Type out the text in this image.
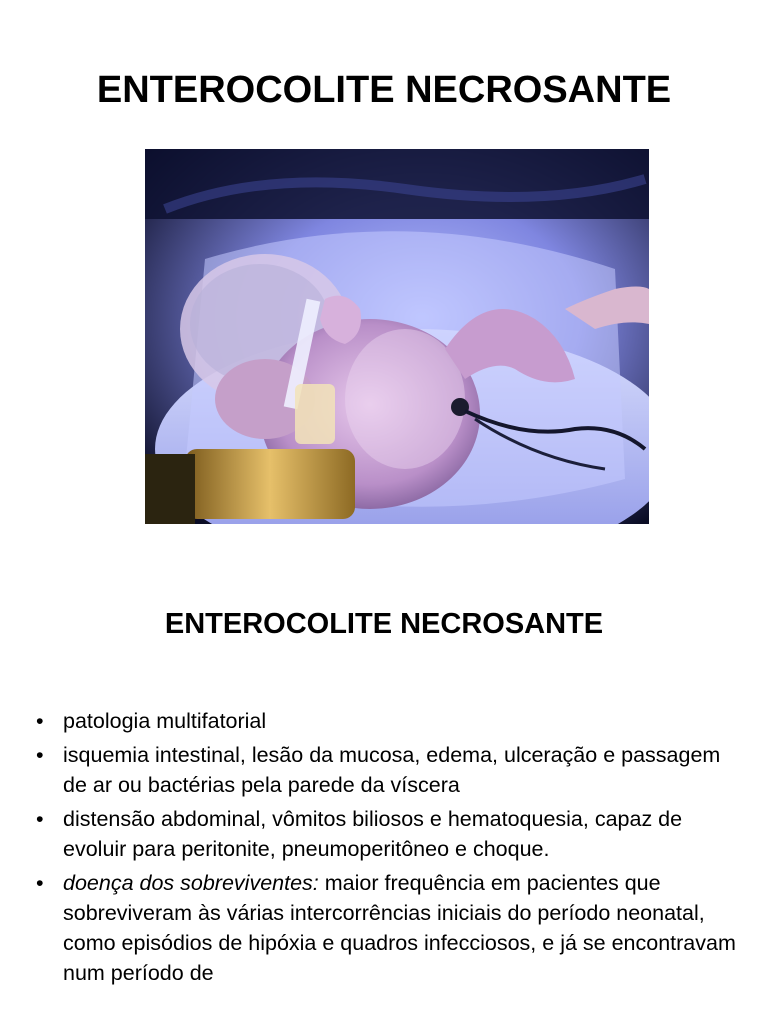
ENTEROCOLITE NECROSANTE
ENTEROCOLITE NECROSANTE
• patologia multifatorial
• isquemia intestinal, lesão da mucosa, edema, ulceração e passagem de ar ou bactérias pela parede da víscera
• distensão abdominal, vômitos biliosos e hematoquesia, capaz de evoluir para peritonite, pneumoperitôneo e choque.
• doença dos sobreviventes: maior frequência em pacientes que sobreviveram às várias intercorrências iniciais do período neonatal, como episódios de hipóxia e quadros infecciosos, e já se encontravam num período de
